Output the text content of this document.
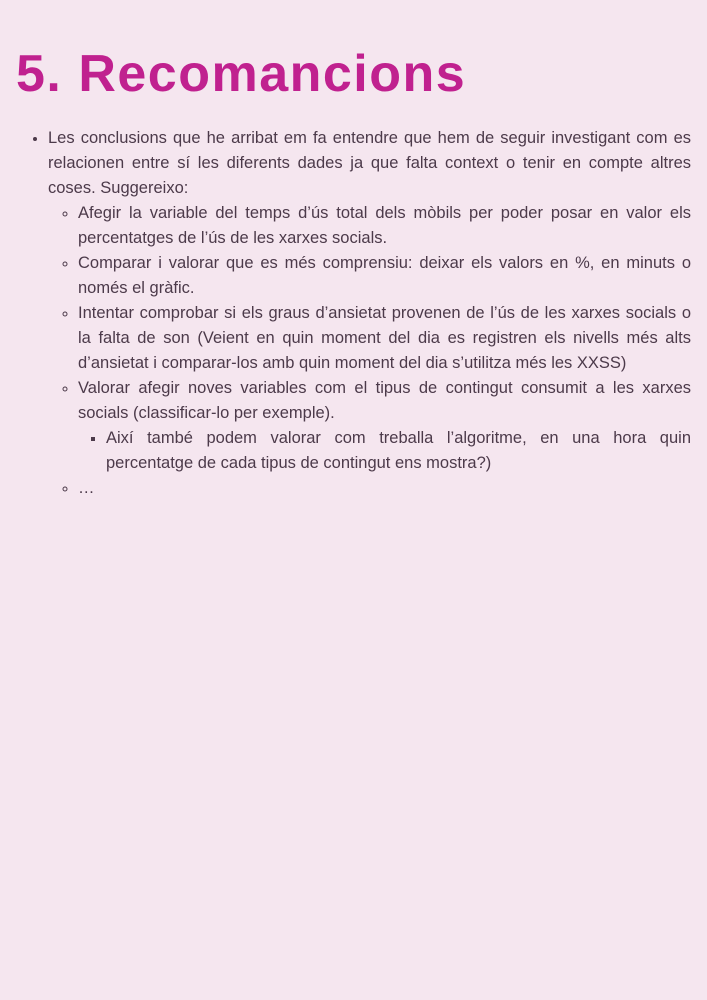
5. Recomancions
• Les conclusions que he arribat em fa entendre que hem de seguir investigant com es relacionen entre sí les diferents dades ja que falta context o tenir en compte altres coses. Suggereixo:
◦ Afegir la variable del temps d’ús total dels mòbils per poder posar en valor els percentatges de l’ús de les xarxes socials.
◦ Comparar i valorar que es més comprensiu: deixar els valors en %, en minuts o només el gràfic.
◦ Intentar comprobar si els graus d’ansietat provenen de l’ús de les xarxes socials o la falta de son (Veient en quin moment del dia es registren els nivells més alts d’ansietat i comparar-los amb quin moment del dia s’utilitza més les XXSS)
◦ Valorar afegir noves variables com el tipus de contingut consumit a les xarxes socials (classificar-lo per exemple).
▪ Així també podem valorar com treballa l’algoritme, en una hora quin percentatge de cada tipus de contingut ens mostra?)
◦ …
